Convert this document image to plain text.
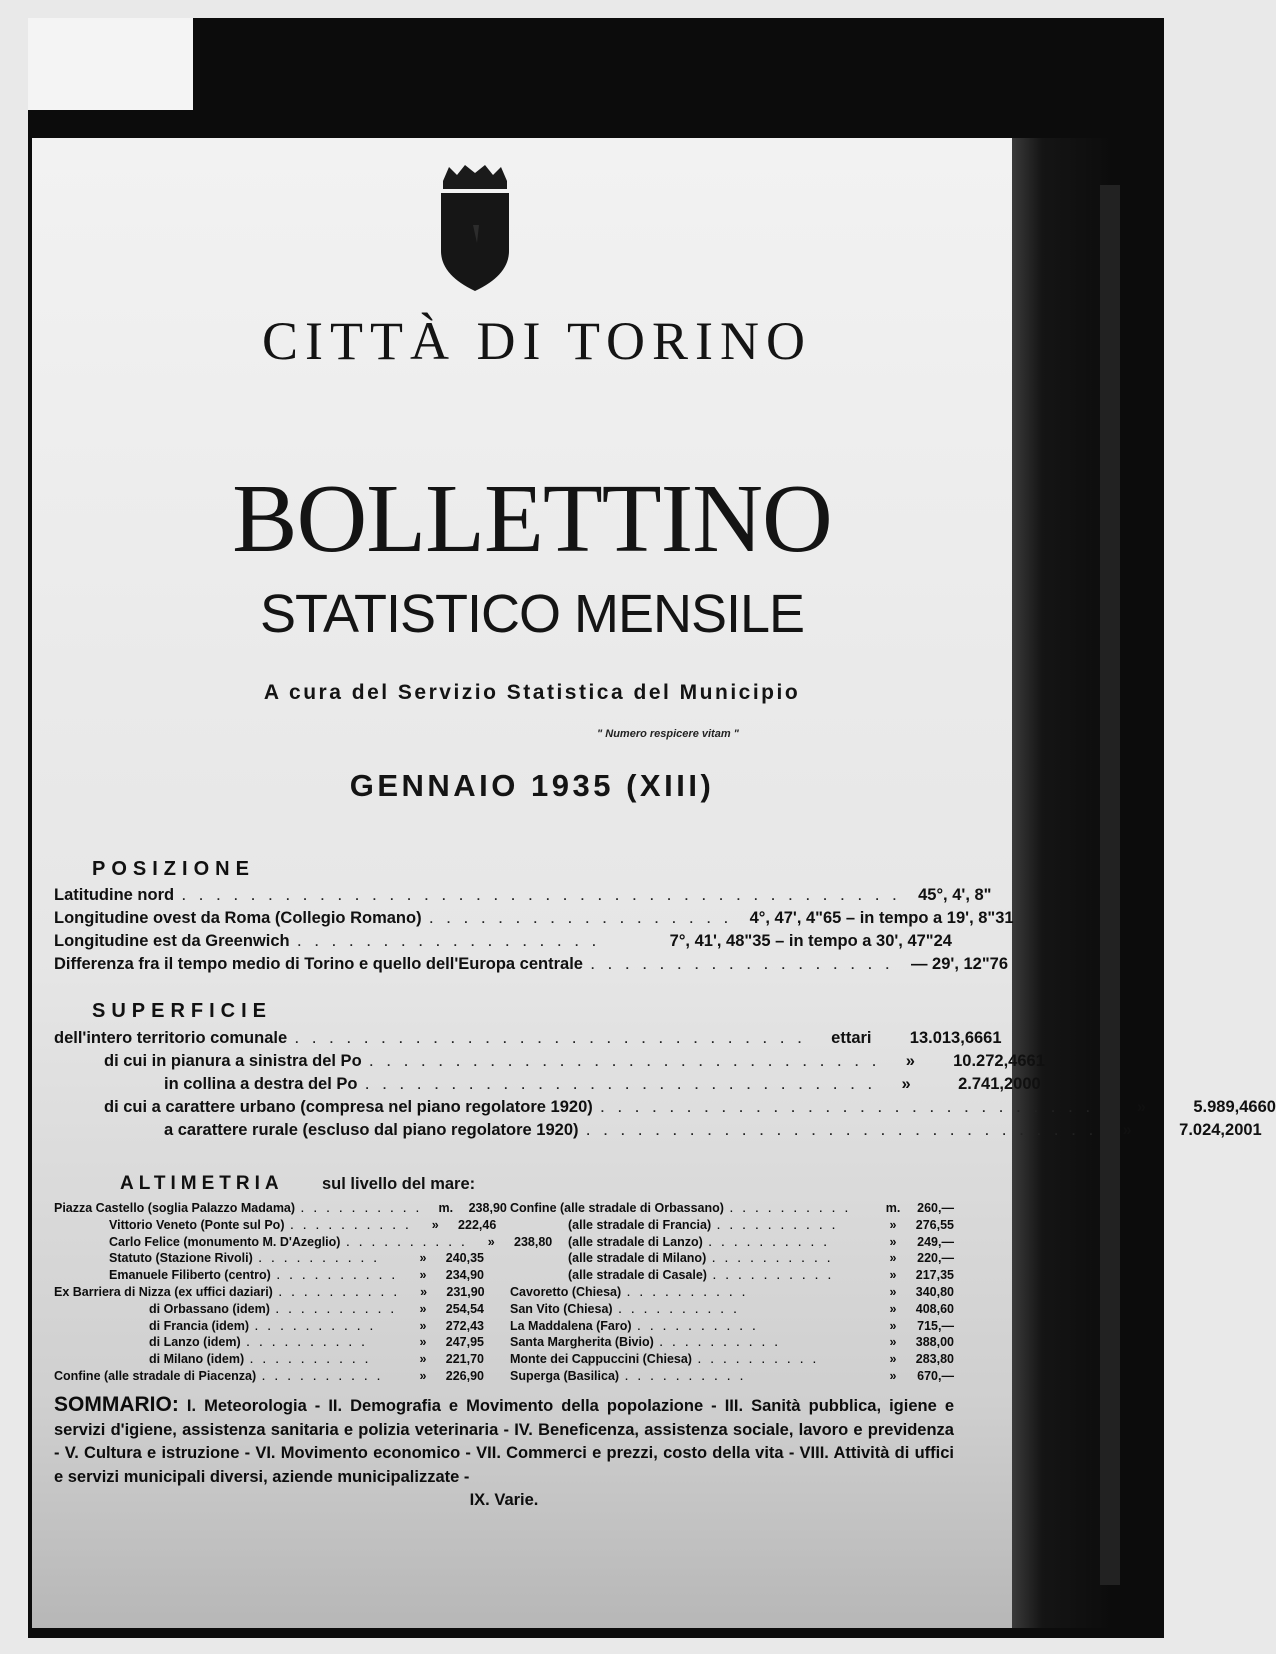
CITTÀ DI TORINO
BOLLETTINO
STATISTICO MENSILE
A cura del Servizio Statistica del Municipio
" Numero respicere vitam "
GENNAIO 1935 (XIII)
POSIZIONE
Latitudine nord .......................................... 45°, 4', 8"
Longitudine ovest da Roma (Collegio Romano) .................. 4°, 47', 4"65 – in tempo a 19', 8"31
Longitudine est da Greenwich ..................	7°, 41', 48"35 – in tempo a 30', 47"24
Differenza fra il tempo medio di Torino e quello dell'Europa centrale .................. — 29', 12"76
SUPERFICIE
dell'intero territorio comunale .............................. ettari	13.013,6661
di cui in pianura a sinistra del Po .............................. »	10.272,4661
in collina a destra del Po .............................. »	2.741,2000
di cui a carattere urbano (compresa nel piano regolatore 1920) .............................. »	5.989,4660
a carattere rurale (escluso dal piano regolatore 1920) .............................. »	7.024,2001
ALTIMETRIA sul livello del mare:
Piazza Castello (soglia Palazzo Madama) .......... m.	238,90
Vittorio Veneto (Ponte sul Po) ..........	»	222,46
Carlo Felice (monumento M. D'Azeglio) ..........	»	238,80
Statuto (Stazione Rivoli) ..........	»	240,35
Emanuele Filiberto (centro) ..........	»	234,90
Ex Barriera di Nizza (ex uffici daziari) ..........	»	231,90
di Orbassano (idem) ..........	»	254,54
di Francia (idem) ..........	»	272,43
di Lanzo (idem) ..........	»	247,95
di Milano (idem) ..........	»	221,70
Confine (alle stradale di Piacenza) ..........	»	226,90
Confine (alle stradale di Orbassano) ..........	m.	260,—
(alle stradale di Francia) ..........	»	276,55
(alle stradale di Lanzo) ..........	»	249,—
(alle stradale di Milano) ..........	»	220,—
(alle stradale di Casale) ..........	»	217,35
Cavoretto (Chiesa) ..........	»	340,80
San Vito (Chiesa) ..........	»	408,60
La Maddalena (Faro) ..........	»	715,—
Santa Margherita (Bivio) ..........	»	388,00
Monte dei Cappuccini (Chiesa) ..........	»	283,80
Superga (Basilica) ..........	»	670,—
SOMMARIO: I. Meteorologia - II. Demografia e Movimento della popolazione - III. Sanità pubblica, igiene e servizi d'igiene, assistenza sanitaria e polizia veterinaria - IV. Beneficenza, assistenza sociale, lavoro e previdenza - V. Cultura e istruzione - VI. Movimento economico - VII. Commerci e prezzi, costo della vita - VIII. Attività di uffici e servizi municipali diversi, aziende municipalizzate -
IX. Varie.
